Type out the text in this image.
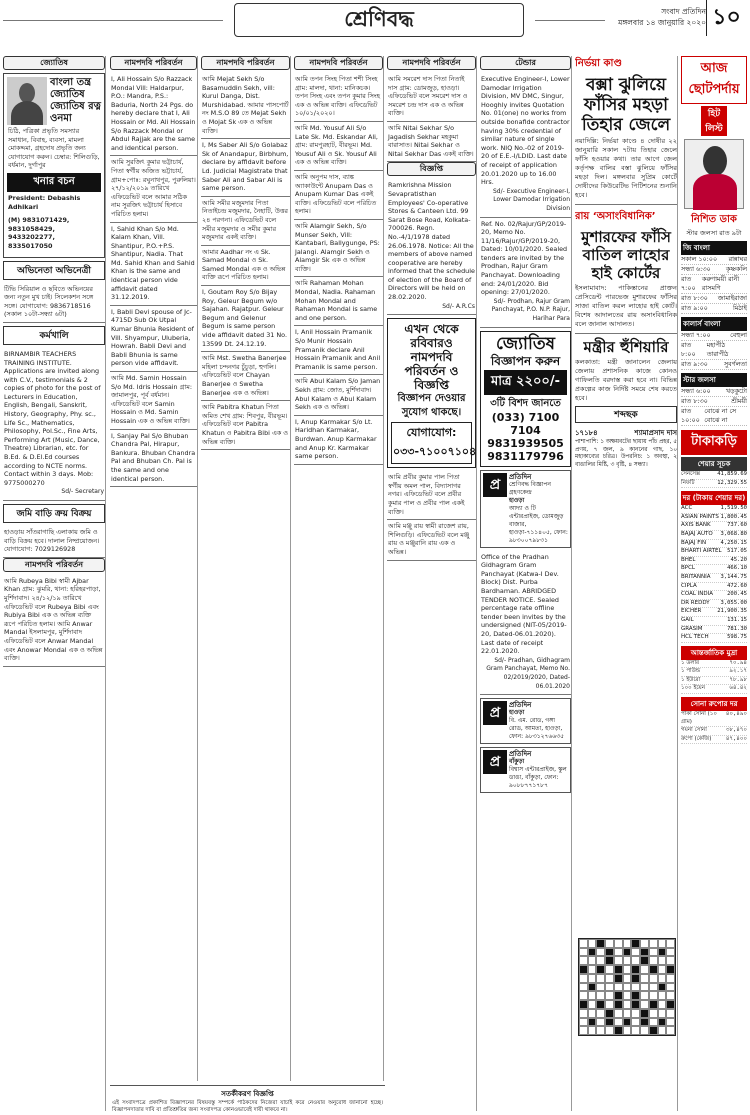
শ্রেণিবদ্ধ	সংবাদ প্রতিদিন
মঙ্গলবার ১৪ জানুয়ারি ২০২০ ১০
জ্যোতিষ
বাংলা তন্ত্র জ্যোতিষ
জ্যোতিষ রত্ন
ওনমা
চিঠি, পত্রিকা প্রভৃতি সমস্যার সমাধান, বিবাহ, ব্যবসা, মামলা মোকদ্দমা, গ্রহদোষ প্রভৃতি জন্য যোগাযোগ করুন। চেম্বার: শিলিগুড়ি, বর্ধমান, দুর্গাপুর
খনার বচন
President: Debashis Adhikari
(M) 9831071429, 9831058429, 9433202277, 8335017050
অভিনেতা অভিনেত্রী
টিভি সিরিয়াল ও ছবিতে অভিনয়ের জন্য নতুন মুখ চাই। সিলেকশন সঙ্গে সঙ্গে। যোগাযোগ: 9836718516 (সকাল ১০টা-সন্ধ্যা ৬টা)
কর্মখালি
BIRNAMBIR TEACHERS TRAINING INSTITUTE. Applications are invited along with C.V., testimonials & 2 copies of photo for the post of Lecturers in Education, English, Bengali, Sanskrit, History, Geography, Phy. sc., Life Sc., Mathematics, Philosophy, Pol.Sc., Fine Arts, Performing Art (Music, Dance, Theatre) Librarian, etc. for B.Ed. & D.El.Ed courses according to NCTE norms. Contact within 3 days. Mob: 9775000270
Sd/- Secretary
জমি বাড়ি ক্রয় বিক্রয়
হাওড়ায় সাঁতরাগাছি এলাকায় জমি ও বাড়ি বিক্রয় হবে। দালাল নিষ্প্রয়োজন। যোগাযোগ: 7029126928
নামপদবি পরিবর্তন
আমি Rubeya Bibi স্বামী Ajbar Khan গ্রাম: ঝুমরি, থানা: হরিহরপাড়া, মুর্শিদাবাদ। ২৪/১২/১৯ তারিখে এফিডেভিট বলে Rubeya Bibi এবং Rubiya Bibi এক ও অভিন্ন ব্যক্তি রূপে পরিচিত হলাম। আমি Anwar Mandal ইসলামপুর, মুর্শিদাবাদ এফিডেভিট বলে Anwar Mandal এবং Anowar Mondal এক ও অভিন্ন ব্যক্তি।
নামপদবি পরিবর্তন
I, Ali Hossain S/o Razzack Mondal Vill: Haldarpur, P.O.: Mandra, P.S.: Baduria, North 24 Pgs. do hereby declare that I, Ali Hossain or Md. Ali Hossain S/o Razzack Mondal or Abdul Rajjak are the same and identical person.
আমি সুরজিৎ কুমার ভট্টাচার্য, পিতা স্বর্গীয় অজিত ভট্টাচার্য, গ্রাম+পোঃ: রঘুনাথপুর, পুরুলিয়া। ২৭/১২/২০১৯ তারিখে এফিডেভিট বলে আমার সঠিক নাম সুরজিৎ ভট্টাচার্য হিসাবে পরিচিত হলাম।
I, Sahid Khan S/o Md. Kalam Khan, Vill. Shantipur, P.O.+P.S. Shantipur, Nadia. That Md. Sahid Khan and Sahid Khan is the same and identical person vide affidavit dated 31.12.2019.
I, Babli Devi spouse of Jc-4715D Sub Ok Utpal Kumar Bhunia Resident of Vill. Shyampur, Uluberia, Howrah. Babli Devi and Babli Bhunia is same person vide affidavit.
আমি Md. Samin Hossain S/o Md. Idris Hossain গ্রাম: জামালপুর, পূর্ব বর্ধমান। এফিডেভিট বলে Samin Hossain ও Md. Samin Hossain এক ও অভিন্ন ব্যক্তি।
I, Sanjay Pal S/o Bhuban Chandra Pal, Hirapur, Bankura. Bhuban Chandra Pal and Bhuban Ch. Pal is the same and one identical person.
নামপদবি পরিবর্তন
আমি Mejat Sekh S/o Basamuddin Sekh, vill: Kurul Danga, Dist. Murshidabad. আমার পাসপোর্ট নং M.S.O 89 তে Mejat Sekh ও Mojat Sk এক ও অভিন্ন ব্যক্তি।
I, Ms Saber Ali S/o Golabaz Sk of Anandapur, Birbhum, declare by affidavit before Ld. Judicial Magistrate that Saber Ali and Sabar Ali is same person.
আমি সমীর মজুমদার পিতা নিতাইচন্দ্র মজুমদার, নৈহাটি, উত্তর ২৪ পরগনা। এফিডেভিট বলে সমীর মজুমদার ও সমীর কুমার মজুমদার একই ব্যক্তি।
আমার Aadhar নং এ Sk. Samad Mondal ও Sk. Samed Mondal এক ও অভিন্ন ব্যক্তি রূপে পরিচিত হলাম।
I, Goutam Roy S/o Bijay Roy, Geleur Begum w/o Sajahan. Rajatpur. Geleur Begum and Gelenur Begum is same person vide affidavit dated 31 No. 13599 Dt. 24.12.19.
আমি Mst. Swetha Banerjee মহিলা চন্দনগর চুঁচুড়া, হুগলি। এফিডেভিট বলে Chayan Banerjee ও Swetha Banerjee এক ও অভিন্ন।
আমি Pabitra Khatun পিতা অমিত শেখ গ্রাম: শিবপুর, বীরভূম। এফিডেভিট বলে Pabitra Khatun ও Pabitra Bibi এক ও অভিন্ন ব্যক্তি।
নামপদবি পরিবর্তন
আমি তপন সিংহ পিতা শশী সিংহ গ্রাম: মালদা, থানা: মানিকচক। তপন সিংহ এবং তপন কুমার সিংহ এক ও অভিন্ন ব্যক্তি। এফিডেভিট ১০/০১/২০২০।
আমি Md. Yousuf Ali S/o Late Sk. Md. Eskandar Ali, গ্রাম: রামপুরহাট, বীরভূম। Md. Yousuf Ali ও Sk. Yousuf Ali এক ও অভিন্ন ব্যক্তি।
আমি অনুপম দাস, ব্যাঙ্ক অ্যাকাউন্টে Anupam Das ও Anupam Kumar Das একই ব্যক্তি। এফিডেভিট বলে পরিচিত হলাম।
আমি Alamgir Sekh, S/o Munser Sekh, Vill: Kantabari, Ballygunge, PS: Jalangi. Alamgir Sekh ও Alamgir Sk এক ও অভিন্ন ব্যক্তি।
আমি Rahaman Mohan Mondal, Nadia. Rahaman Mohan Mondal and Rahaman Mondal is same and one person.
I, Anil Hossain Pramanik S/o Munir Hossain Pramanik declare Anil Hossain Pramanik and Anil Pramanik is same person.
আমি Abul Kalam S/o Jaman Sekh গ্রাম: জোত, মুর্শিদাবাদ। Abul Kalam ও Abul Kalam Sekh এক ও অভিন্ন।
I, Anup Karmakar S/o Lt. Haridhan Karmakar, Burdwan. Anup Karmakar and Anup Kr. Karmakar same person.
নামপদবি পরিবর্তন
আমি সমরেশ দাস পিতা নিতাই দাস গ্রাম: ডোমজুড়, হাওড়া। এফিডেভিট বলে সমরেশ দাস ও সমরেশ চন্দ্র দাস এক ও অভিন্ন ব্যক্তি।
আমি Nitai Sekhar S/o Jagadish Sekhar মহকুমা বারাসাত। Nitai Sekhar ও Nitai Sekhar Das একই ব্যক্তি।
বিজ্ঞপ্তি
Ramkrishna Mission Sevapratisthan Employees' Co-operative Stores & Canteen Ltd. 99 Sarat Bose Road, Kolkata-700026. Regn. No.-4/1/1978 dated 26.06.1978. Notice: All the members of above named cooperative are hereby informed that the schedule of election of the Board of Directors will be held on 28.02.2020.
Sd/- A.R.Cs
এখন থেকে রবিবারও
নামপদবি পরিবর্তন ও বিজ্ঞপ্তি
বিজ্ঞাপন দেওয়ার সুযোগ থাকছে।
যোগাযোগ: ০৩৩-৭১০০৭১০৪
আমি প্রবীর কুমার পাল পিতা স্বর্গীয় অমল পাল, বিদ্যাসাগর নগর। এফিডেভিট বলে প্রবীর কুমার পাল ও প্রবীর পাল একই ব্যক্তি।
আমি মঞ্জু রায় স্বামী রাজেশ রায়, শিলিগুড়ি। এফিডেভিট বলে মঞ্জু রায় ও মঞ্জুরানি রায় এক ও অভিন্ন।
টেন্ডার
Executive Engineer-I, Lower Damodar Irrigation Division, MV DMC, Singur, Hooghly invites Quotation No. 01(one) no works from outside bonafide contractor having 30% credential of similar nature of single work. NIQ No.-02 of 2019-20 of E.E.-I/LDID. Last date of receipt of application 20.01.2020 up to 16.00 Hrs.
Sd/- Executive Engineer-I, Lower Damodar Irrigation Division
Ref. No. 02/Rajur/GP/2019-20, Memo No. 11/16/Rajur/GP/2019-20, Dated: 10/01/2020. Sealed tenders are invited by the Prodhan, Rajur Gram Panchayat. Downloading end: 24/01/2020. Bid opening: 27/01/2020.
Sd/- Prodhan, Rajur Gram Panchayat, P.O. N.P. Rajur, Harihar Para
জ্যোতিষ
বিজ্ঞাপন করুন
মাত্র ২২০০/-
৩টি বিশদ জানতে
(033) 7100 7104
9831939505
9831179796
প্র	প্রতিদিন
শ্রেণিবদ্ধ বিজ্ঞাপন গ্রহণকেন্দ্র
হাওড়া
আদ্যা ও টি এন্টারপ্রাইজ, ডোমজুড় বাজার, হাওড়া-৭১১৪০৫, ফোন: ৯৮৩০০৭৯৮৩১
Office of the Pradhan Gidhagram Gram Panchayat (Katwa-I Dev. Block) Dist. Purba Bardhaman. ABRIDGED TENDER NOTICE. Sealed percentage rate offline tender been invites by the undersigned (NIT-05/2019-20, Dated-06.01.2020). Last date of receipt 22.01.2020.
Sd/- Pradhan, Gidhagram Gram Panchayat, Memo No. 02/2019/2020, Dated-06.01.2020
প্র	প্রতিদিন
হাওড়া
বি. এম. রোড, গঙ্গা রোড, আমতা, হাওড়া, ফোন: ৯৮৩১২৭৬৬৩৫
প্র	প্রতিদিন
বাঁকুড়া
বিশ্বাস এন্টারপ্রাইজ, স্কুল ডাঙা, বাঁকুড়া, ফোন: ৯০৮৮৭৭১৭৮৭
নির্ভয়া কাণ্ড
বক্সা ঝুলিয়ে ফাঁসির মহড়া তিহার জেলে
নয়াদিল্লি: নির্ভয়া কাণ্ডে ৪ দোষীর ২২ জানুয়ারি সকাল ৭টায় তিহার জেলে ফাঁসি হওয়ার কথা। তার আগে জেল কর্তৃপক্ষ বালির বস্তা ঝুলিয়ে ফাঁসির মহড়া দিল। মঙ্গলবার সুপ্রিম কোর্টে দোষীদের কিউরেটিভ পিটিশনের শুনানি হবে।
রায় ‘অসাংবিধানিক’
মুশারফের ফাঁসি বাতিল লাহোর হাই কোর্টের
ইসলামাবাদ: পাকিস্তানের প্রাক্তন প্রেসিডেন্ট পারভেজ মুশারফের ফাঁসির সাজা বাতিল করল লাহোর হাই কোর্ট। বিশেষ আদালতের রায় অসাংবিধানিক বলে জানাল আদালত।
মন্ত্রীর হুঁশিয়ারি
কলকাতা: মন্ত্রী জানালেন জেলায় জেলায় প্রশাসনিক কাজে কোনও গাফিলতি বরদাস্ত করা হবে না। বিভিন্ন প্রকল্পের কাজ নির্দিষ্ট সময়ে শেষ করতে হবে।
শব্দছক
১৭১৮৪	শ্যামাপ্রসাদ দাস
পাশাপাশি: ১ অক্ষয়বটের ছায়ায় পাঁচ প্রহর, ৫ প্রণয়, ৭ জল, ৯ কাননের গাছ, ১০ মহাকাব্যের চরিত্র। উপরনিচ: ১ অবস্থা, ২ বাঙালির মিষ্টি, ৩ বৃষ্টি, ৪ সন্ধ্যা।
আজ ছোটপর্দায়
হিট লিস্ট
নিশিত ডাক
স্টার জলসা রাত ৯টা
জি বাংলা
সকাল ১০:০০ রান্নাঘর
সন্ধ্যা ৬:৩০ কৃষ্ণকলি
রাত ৭:০০
করুণাময়ী রানী রাসমণি
রাত ৮:৩০ জামাইরাজা
রাত ৯:০০	মিঠাই
কালার্স বাংলা
সন্ধ্যা ৭:০০	বেহুলা
রাত ৮:০০
মহাপীঠ তারাপীঠ
রাত ৯:৩০	সুবর্ণলতা
স্টার জলসা
সন্ধ্যা ৬:০০ খড়কুটো
রাত ৮:৩০	শ্রীময়ী
রাত ১০:০০
বোঝে না সে বোঝে না
টাকাকড়ি
শেয়ার সূচক
সেনসেক্স	41,859.69
নিফটি	12,329.55
দর (টাকায় শেয়ার দর)
ACC	1,519.50
ASIAN PAINTS 1,800.45
AXIS BANK	737.60
BAJAJ AUTO 3,068.80
BAJAJ FIN	4,250.15
BHARTI AIRTEL 517.05
BHEL	45.20
BPCL	466.10
BRITANNIA 3,144.75
CIPLA	472.60
COAL INDIA	200.45
DR REDDY 3,055.00
EICHER	21,900.35
GAIL	131.15
GRASIM	781.30
HCL TECH	598.75
আন্তর্জাতিক মুদ্রা
১ ডলার	৭০.৯৪
১ পাউন্ড	৯২.১৭
১ ইউরো	৭৮.৯৮
১০০ ইয়েন	৬৪.৪২
সোনা রুপোর দর
পাকা সোনা (১০ গ্রাম)
৪০,৪৯০
গয়না সোনা	৩৮,৪৭০
রুপো (কেজি)	৪৭,৪০০
সতর্কীকরণ বিজ্ঞপ্তি
এই সংবাদপত্রে প্রকাশিত বিজ্ঞাপনের বিষয়বস্তু সম্পর্কে পাঠকদের নিজেরা যাচাই করে নেওয়ার অনুরোধ জানানো হচ্ছে। বিজ্ঞাপনদাতার দাবি বা প্রতিশ্রুতির জন্য সংবাদপত্র কোনওভাবেই দায়ী থাকবে না।
